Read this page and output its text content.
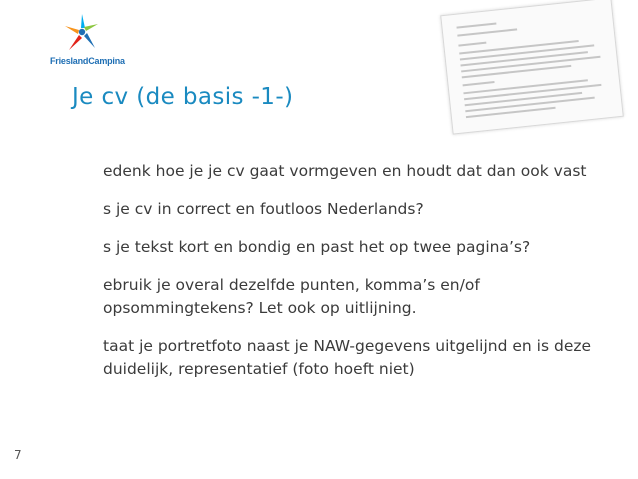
FrieslandCampina
Je cv (de basis -1-)
edenk hoe je je cv gaat vormgeven en houdt dat dan ook vast
s je cv in correct en foutloos Nederlands?
s je tekst kort en bondig en past het op twee pagina’s?
ebruik je overal dezelfde punten, komma’s en/of opsommingtekens? Let ook op uitlijning.
taat je portretfoto naast je NAW-gegevens uitgelijnd en is deze duidelijk, representatief (foto hoeft niet)
7
